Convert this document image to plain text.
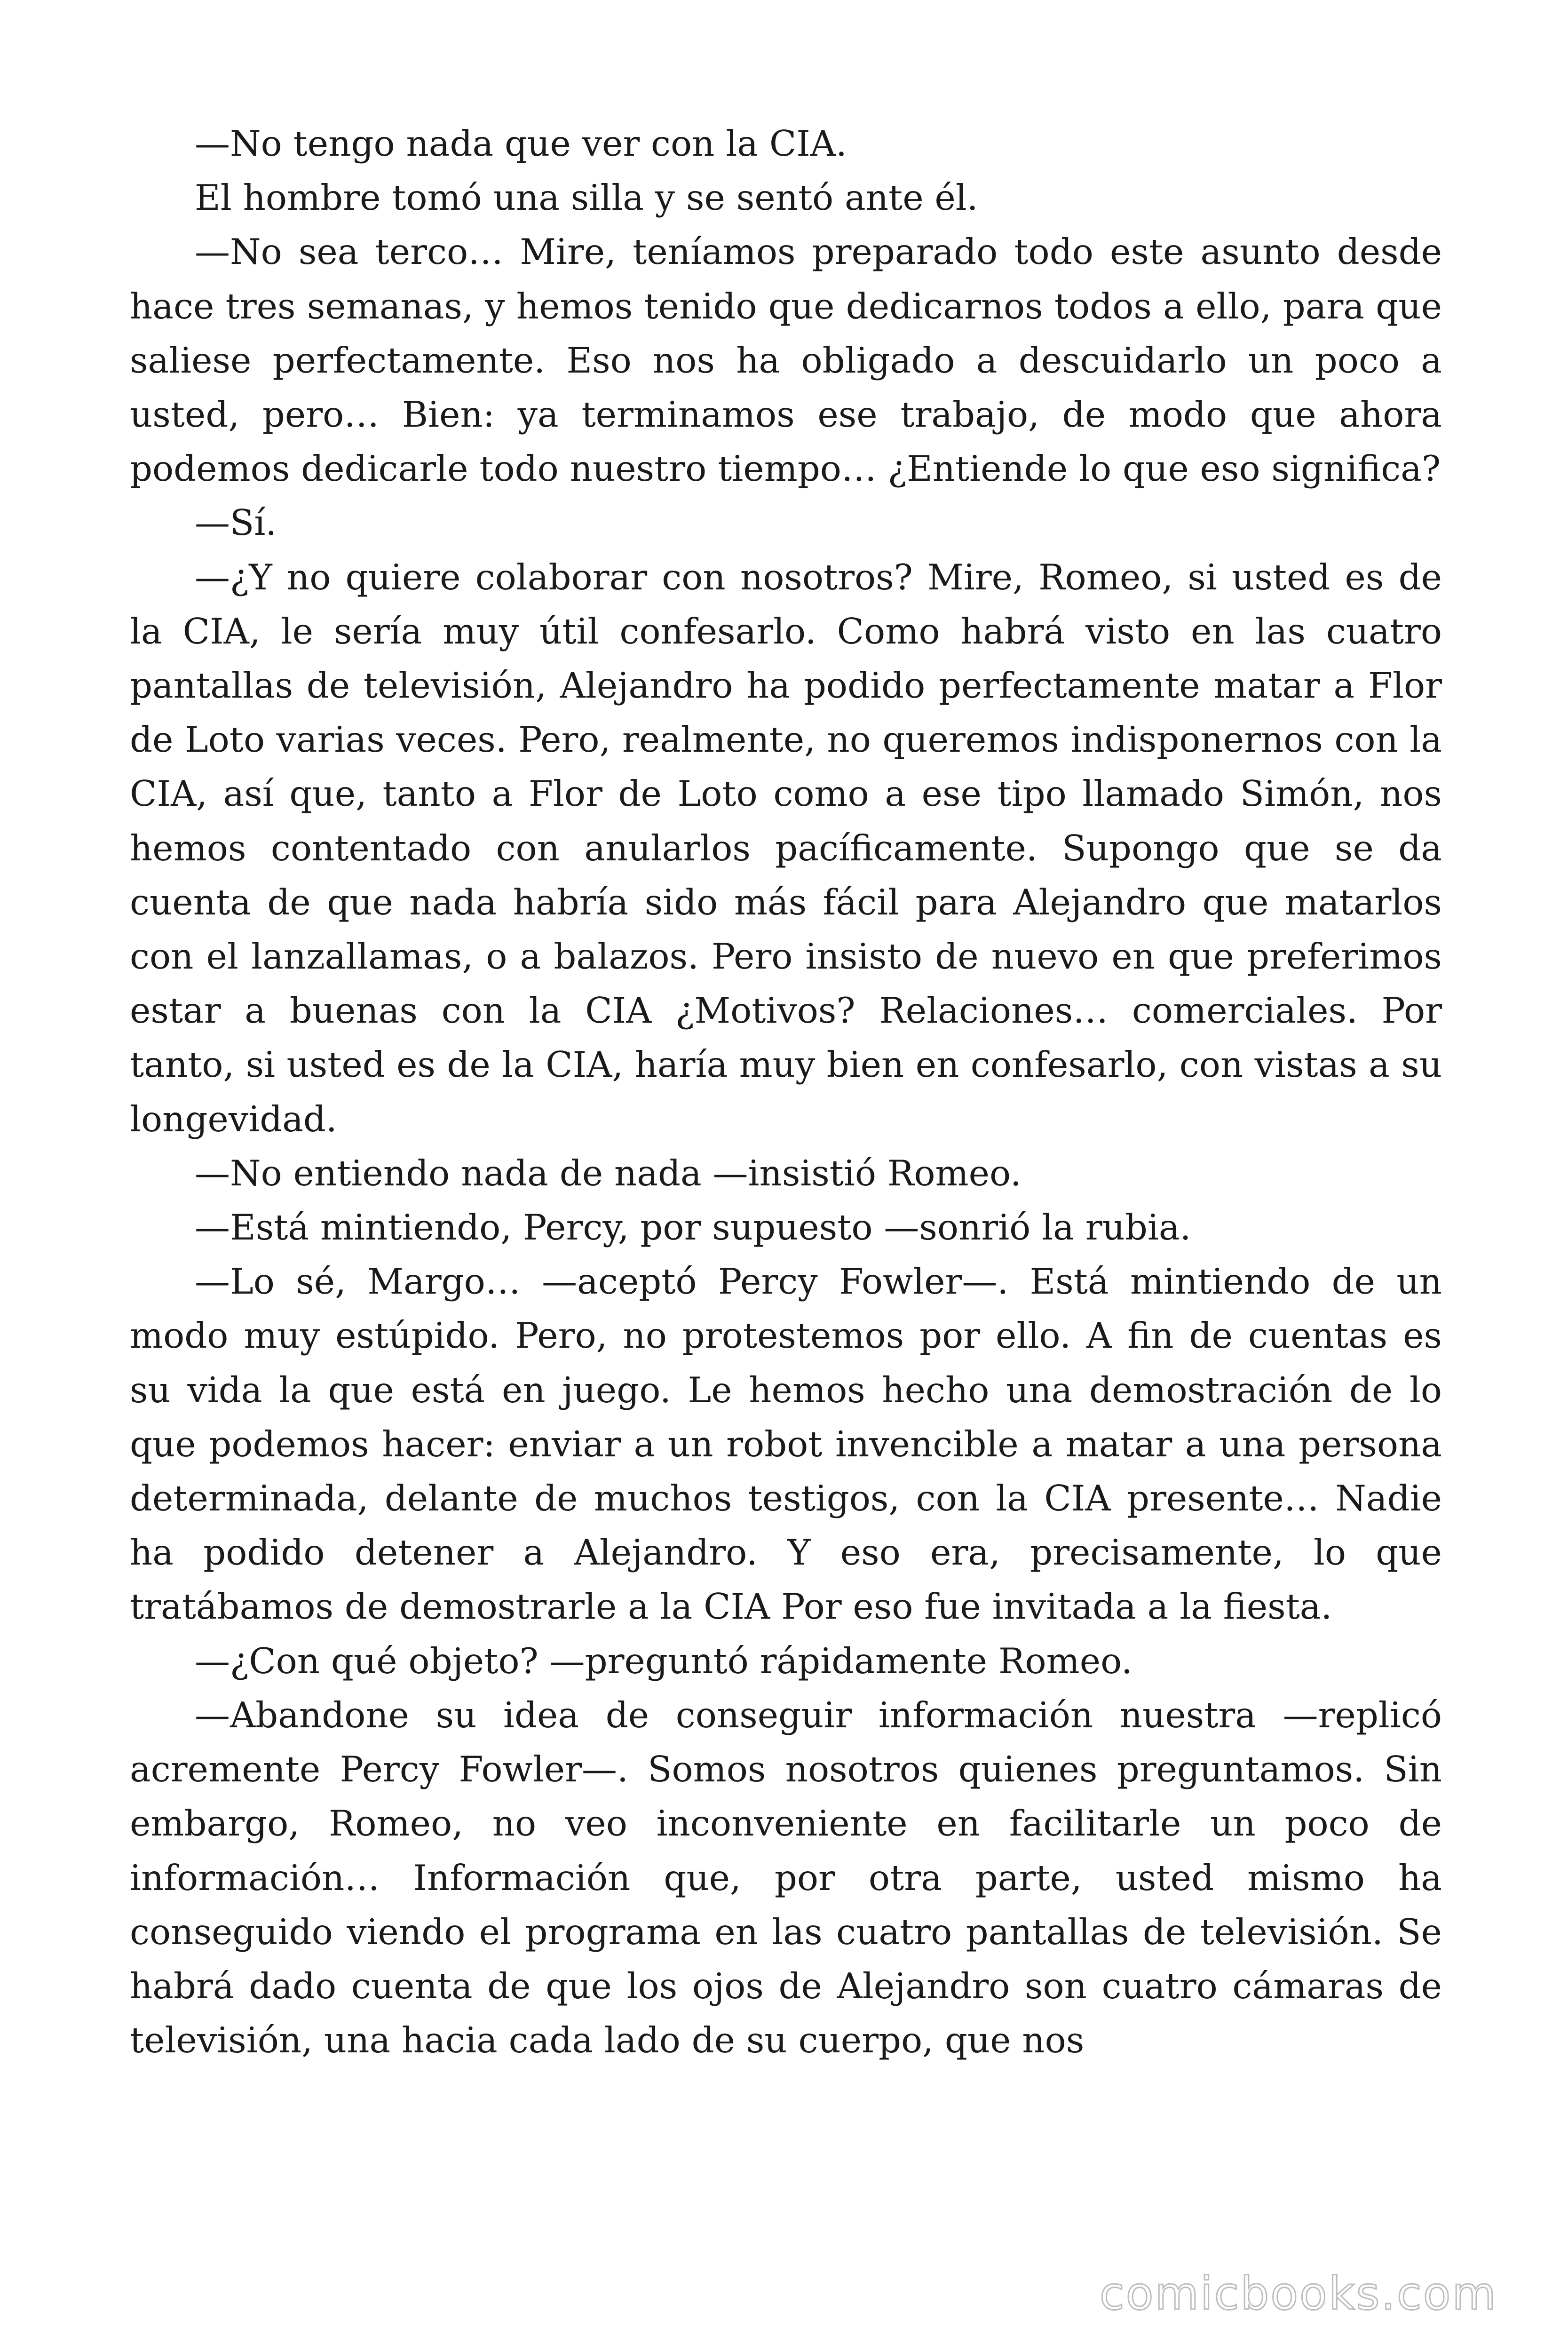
—No tengo nada que ver con la CIA.

El hombre tomó una silla y se sentó ante él.

—No sea terco… Mire, teníamos preparado todo este asunto desde hace tres semanas, y hemos tenido que dedicarnos todos a ello, para que saliese perfectamente. Eso nos ha obligado a descuidarlo un poco a usted, pero… Bien: ya terminamos ese trabajo, de modo que ahora podemos dedicarle todo nuestro tiempo… ¿Entiende lo que eso significa?

—Sí.

—¿Y no quiere colaborar con nosotros? Mire, Romeo, si usted es de la CIA, le sería muy útil confesarlo. Como habrá visto en las cuatro pantallas de televisión, Alejandro ha podido perfectamente matar a Flor de Loto varias veces. Pero, realmente, no queremos indisponernos con la CIA, así que, tanto a Flor de Loto como a ese tipo llamado Simón, nos hemos contentado con anularlos pacíficamente. Supongo que se da cuenta de que nada habría sido más fácil para Alejandro que matarlos con el lanzallamas, o a balazos. Pero insisto de nuevo en que preferimos estar a buenas con la CIA ¿Motivos? Relaciones… comerciales. Por tanto, si usted es de la CIA, haría muy bien en confesarlo, con vistas a su longevidad.

—No entiendo nada de nada —insistió Romeo.

—Está mintiendo, Percy, por supuesto —sonrió la rubia.

—Lo sé, Margo… —aceptó Percy Fowler—. Está mintiendo de un modo muy estúpido. Pero, no protestemos por ello. A fin de cuentas es su vida la que está en juego. Le hemos hecho una demostración de lo que podemos hacer: enviar a un robot invencible a matar a una persona determinada, delante de muchos testigos, con la CIA presente… Nadie ha podido detener a Alejandro. Y eso era, precisamente, lo que tratábamos de demostrarle a la CIA Por eso fue invitada a la fiesta.

—¿Con qué objeto? —preguntó rápidamente Romeo.

—Abandone su idea de conseguir información nuestra —replicó acremente Percy Fowler—. Somos nosotros quienes preguntamos. Sin embargo, Romeo, no veo inconveniente en facilitarle un poco de información… Información que, por otra parte, usted mismo ha conseguido viendo el programa en las cuatro pantallas de televisión. Se habrá dado cuenta de que los ojos de Alejandro son cuatro cámaras de televisión, una hacia cada lado de su cuerpo, que nos

comicbooks.com
